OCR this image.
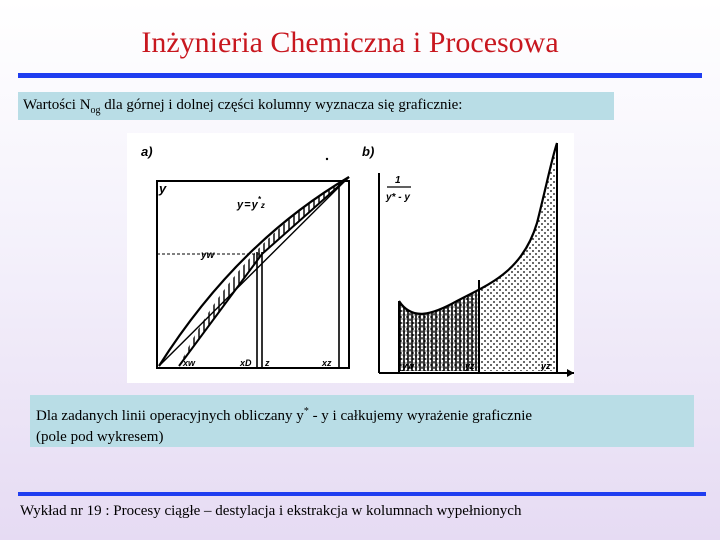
Inżynieria Chemiczna i Procesowa
Wartości $N_{og}$ dla górnej i dolnej części kolumny wyznacza się graficznie:
a)
y
yw
$y=y^*_z$
xw	xD z	xz
b)
1
y* - y
yw	yz	yz
Dla zadanych linii operacyjnych obliczany y* - y i całkujemy wyrażenie graficznie
(pole pod wykresem)
Wykład nr 19 : Procesy ciągłe – destylacja i ekstrakcja w kolumnach wypełnionych
